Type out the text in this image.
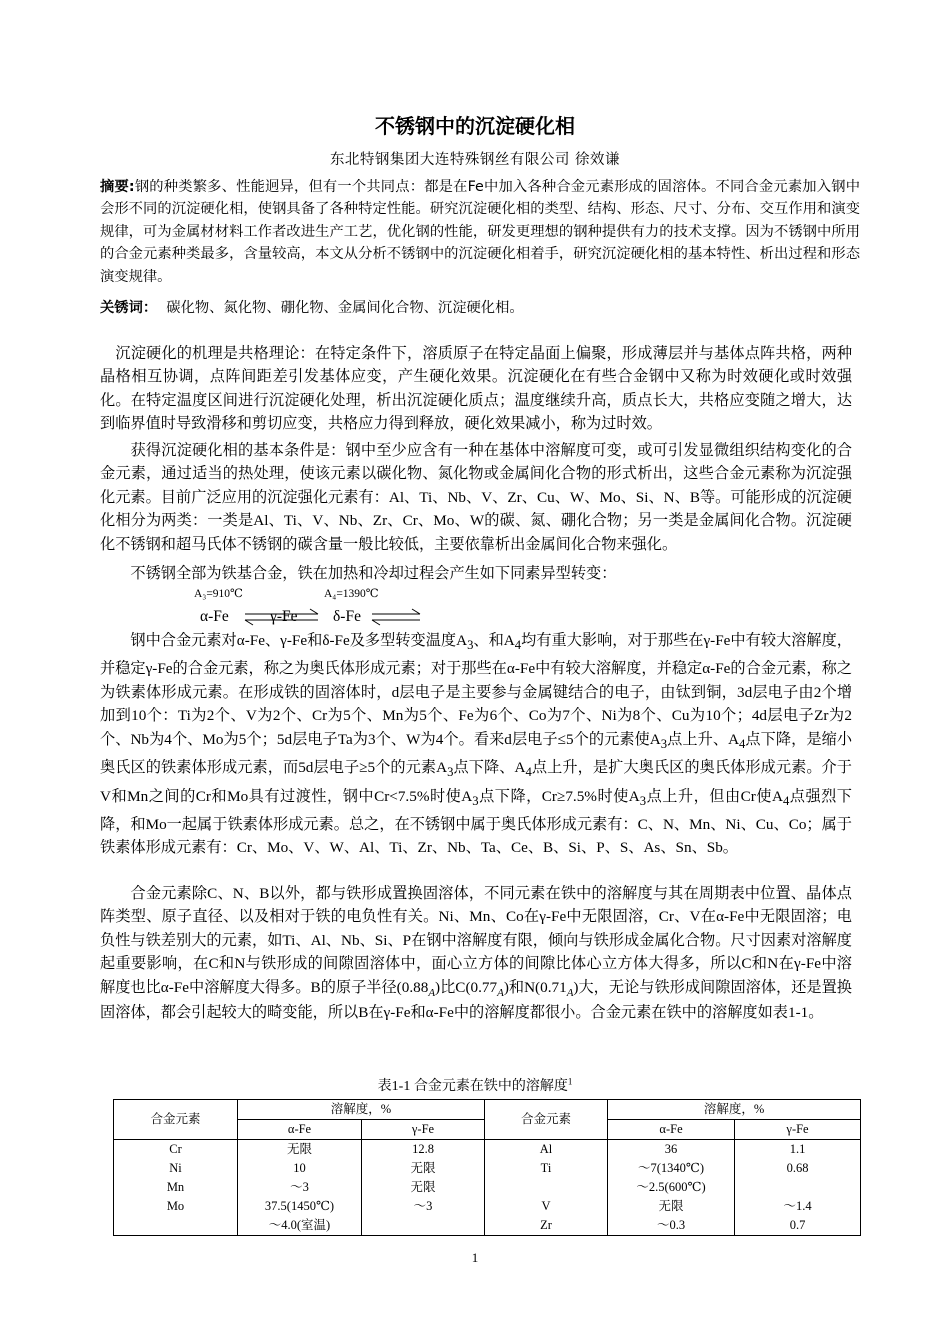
不锈钢中的沉淀硬化相
东北特钢集团大连特殊钢丝有限公司 徐效谦
摘要:钢的种类繁多、性能迥异，但有一个共同点：都是在Fe中加入各种合金元素形成的固溶体。不同合金元素加入钢中会形不同的沉淀硬化相，使钢具备了各种特定性能。研究沉淀硬化相的类型、结构、形态、尺寸、分布、交互作用和演变规律，可为金属材材料工作者改进生产工艺，优化钢的性能，研发更理想的钢种提供有力的技术支撑。因为不锈钢中所用的合金元素种类最多，含量较高，本文从分析不锈钢中的沉淀硬化相着手，研究沉淀硬化相的基本特性、析出过程和形态演变规律。
关锈词： 碳化物、氮化物、硼化物、金属间化合物、沉淀硬化相。
 沉淀硬化的机理是共格理论：在特定条件下，溶质原子在特定晶面上偏聚，形成薄层并与基体点阵共格，两种晶格相互协调，点阵间距差引发基体应变，产生硬化效果。沉淀硬化在有些合金钢中又称为时效硬化或时效强化。在特定温度区间进行沉淀硬化处理，析出沉淀硬化质点；温度继续升高，质点长大，共格应变随之增大，达到临界值时导致滑移和剪切应变，共格应力得到释放，硬化效果减小，称为过时效。
  获得沉淀硬化相的基本条件是：钢中至少应含有一种在基体中溶解度可变，或可引发显微组织结构变化的合金元素，通过适当的热处理，使该元素以碳化物、氮化物或金属间化合物的形式析出，这些合金元素称为沉淀强化元素。目前广泛应用的沉淀强化元素有：Al、Ti、Nb、V、Zr、Cu、W、Mo、Si、N、B等。可能形成的沉淀硬化相分为两类：一类是Al、Ti、V、Nb、Zr、Cr、Mo、W的碳、氮、硼化合物；另一类是金属间化合物。沉淀硬化不锈钢和超马氏体不锈钢的碳含量一般比较低，主要依靠析出金属间化合物来强化。
  不锈钢全部为铁基合金，铁在加热和冷却过程会产生如下同素异型转变：
A₃=910℃	A₄=1390℃
α-Fe	γ-Fe δ-Fe
  钢中合金元素对α-Fe、γ-Fe和δ-Fe及多型转变温度$A_3$、和$A_4$均有重大影响，对于那些在γ-Fe中有较大溶解度，并稳定γ-Fe的合金元素，称之为奥氏体形成元素；对于那些在α-Fe中有较大溶解度，并稳定α-Fe的合金元素，称之为铁素体形成元素。在形成铁的固溶体时，d层电子是主要参与金属键结合的电子，由钛到铜，3d层电子由2个增加到10个：Ti为2个、V为2个、Cr为5个、Mn为5个、Fe为6个、Co为7个、Ni为8个、Cu为10个；4d层电子Zr为2个、Nb为4个、Mo为5个；5d层电子Ta为3个、W为4个。看来d层电子≤5个的元素使$A_3$点上升、$A_4$点下降，是缩小奥氏区的铁素体形成元素，而5d层电子≥5个的元素$A_3$点下降、$A_4$点上升，是扩大奥氏区的奥氏体形成元素。介于V和Mn之间的Cr和Mo具有过渡性，钢中Cr<7.5%时使$A_3$点下降，Cr≥7.5%时使$A_3$点上升，但由Cr使$A_4$点强烈下降，和Mo一起属于铁素体形成元素。总之，在不锈钢中属于奥氏体形成元素有：C、N、Mn、Ni、Cu、Co；属于铁素体形成元素有：Cr、Mo、V、W、Al、Ti、Zr、Nb、Ta、Ce、B、Si、P、S、As、Sn、Sb。
  合金元素除C、N、B以外，都与铁形成置换固溶体，不同元素在铁中的溶解度与其在周期表中位置、晶体点阵类型、原子直径、以及相对于铁的电负性有关。Ni、Mn、Co在γ-Fe中无限固溶，Cr、V在α-Fe中无限固溶；电负性与铁差别大的元素，如Ti、Al、Nb、Si、P在钢中溶解度有限，倾向与铁形成金属化合物。尺寸因素对溶解度起重要影响，在C和N与铁形成的间隙固溶体中，面心立方体的间隙比体心立方体大得多，所以C和N在γ-Fe中溶解度也比α-Fe中溶解度大得多。B的原子半径$(0.88_A)$比$C(0.77_A)$和$N(0.71_A)$大，无论与铁形成间隙固溶体，还是置换固溶体，都会引起较大的畸变能，所以B在γ-Fe和α-Fe中的溶解度都很小。合金元素在铁中的溶解度如表1-1。
表1-1 合金元素在铁中的溶解度$^1$
合金元素	溶解度，%		合金元素	溶解度，%	
	α-Fe	γ-Fe		α-Fe	γ-Fe
Cr	无限	12.8	Al	36	1.1
Ni	10	无限	Ti	～7(1340℃)	0.68
Mn	～3	无限		～2.5(600℃)	
Mo	37.5(1450℃)	～3	V	无限	～1.4
	～4.0(室温)		Zr	～0.3	0.7
1
